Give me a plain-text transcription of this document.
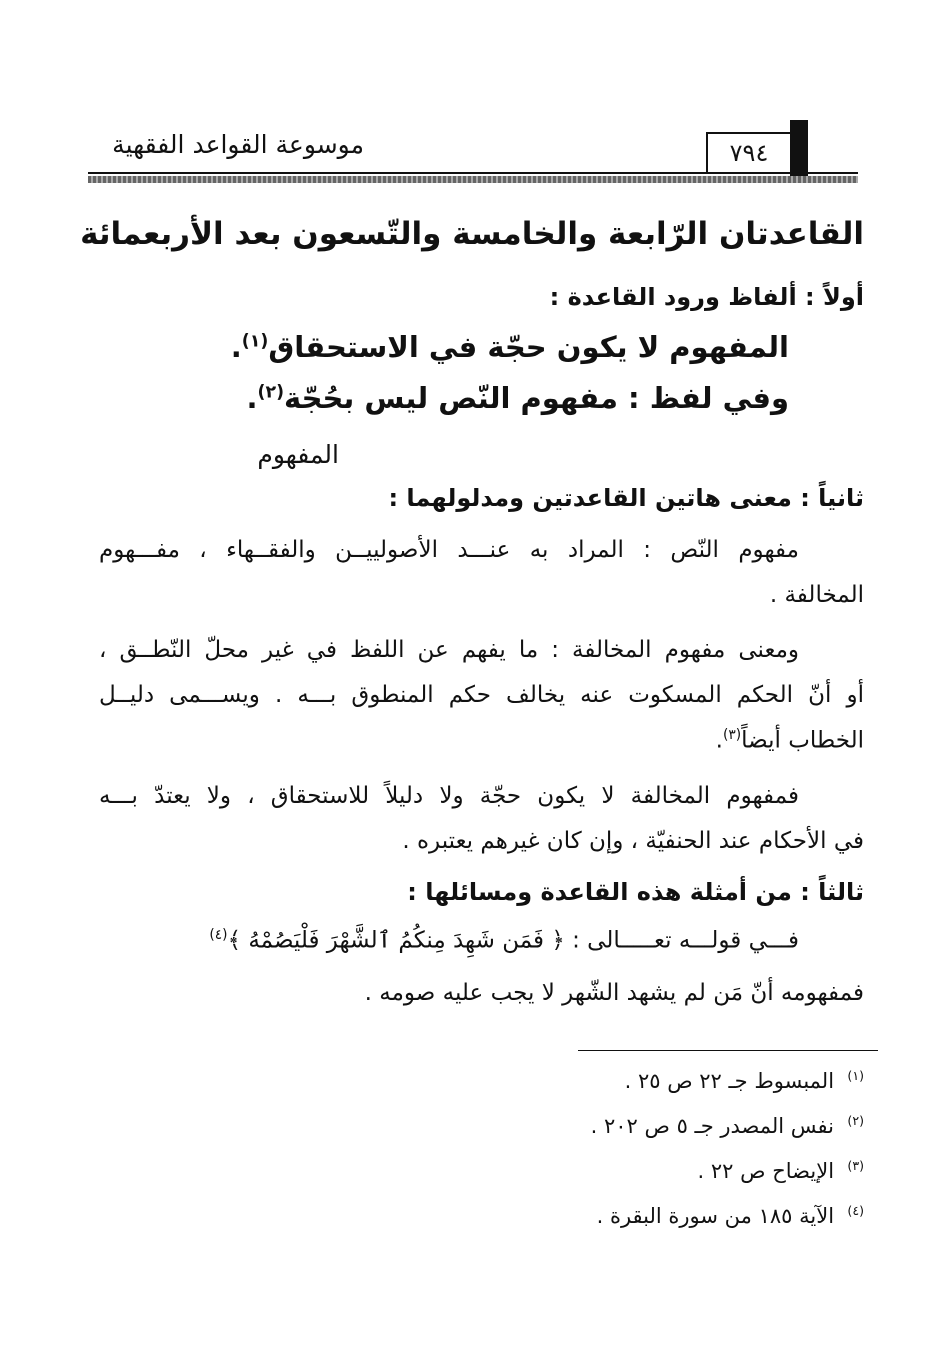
موسوعة القواعد الفقهية	٧٩٤
القاعدتان الرّابعة والخامسة والتّسعون بعد الأربعمائة
أولاً : ألفاظ ورود القاعدة :
المفهوم لا يكون حجّة في الاستحقاق$^{(١)}$.
وفي لفظ : مفهوم النّص ليس بحُجّة$^{(٢)}$.
المفهوم
ثانياً : معنى هاتين القاعدتين ومدلولهما :
مفهوم النّص : المراد به عنـــد الأصولييــن والفقــهاء ، مفـــهوم
المخالفة .
ومعنى مفهوم المخالفة : ما يفهم عن اللفظ في غير محلّ النّطــق ،
أو أنّ الحكم المسكوت عنه يخالف حكم المنطوق بـــه . ويســـمى دليــل
الخطاب أيضاً$^{(٣)}$.
فمفهوم المخالفة لا يكون حجّة ولا دليلاً للاستحقاق ، ولا يعتدّ بـــه
في الأحكام عند الحنفيّة ، وإن كان غيرهم يعتبره .
ثالثاً : من أمثلة هذه القاعدة ومسائلها :
فـــي قولـــه تعـــــالى : ﴿ فَمَن شَهِدَ مِنكُمُ ٱلشَّهْرَ فَلْيَصُمْهُ ﴾$^{(٤)}$
فمفهومه أنّ مَن لم يشهد الشّهر لا يجب عليه صومه .
$^{(١)}$  المبسوط جـ ٢٢ ص ٢٥ .
$^{(٢)}$  نفس المصدر جـ ٥ ص ٢٠٢ .
$^{(٣)}$  الإيضاح ص ٢٢ .
$^{(٤)}$  الآية ١٨٥ من سورة البقرة .
